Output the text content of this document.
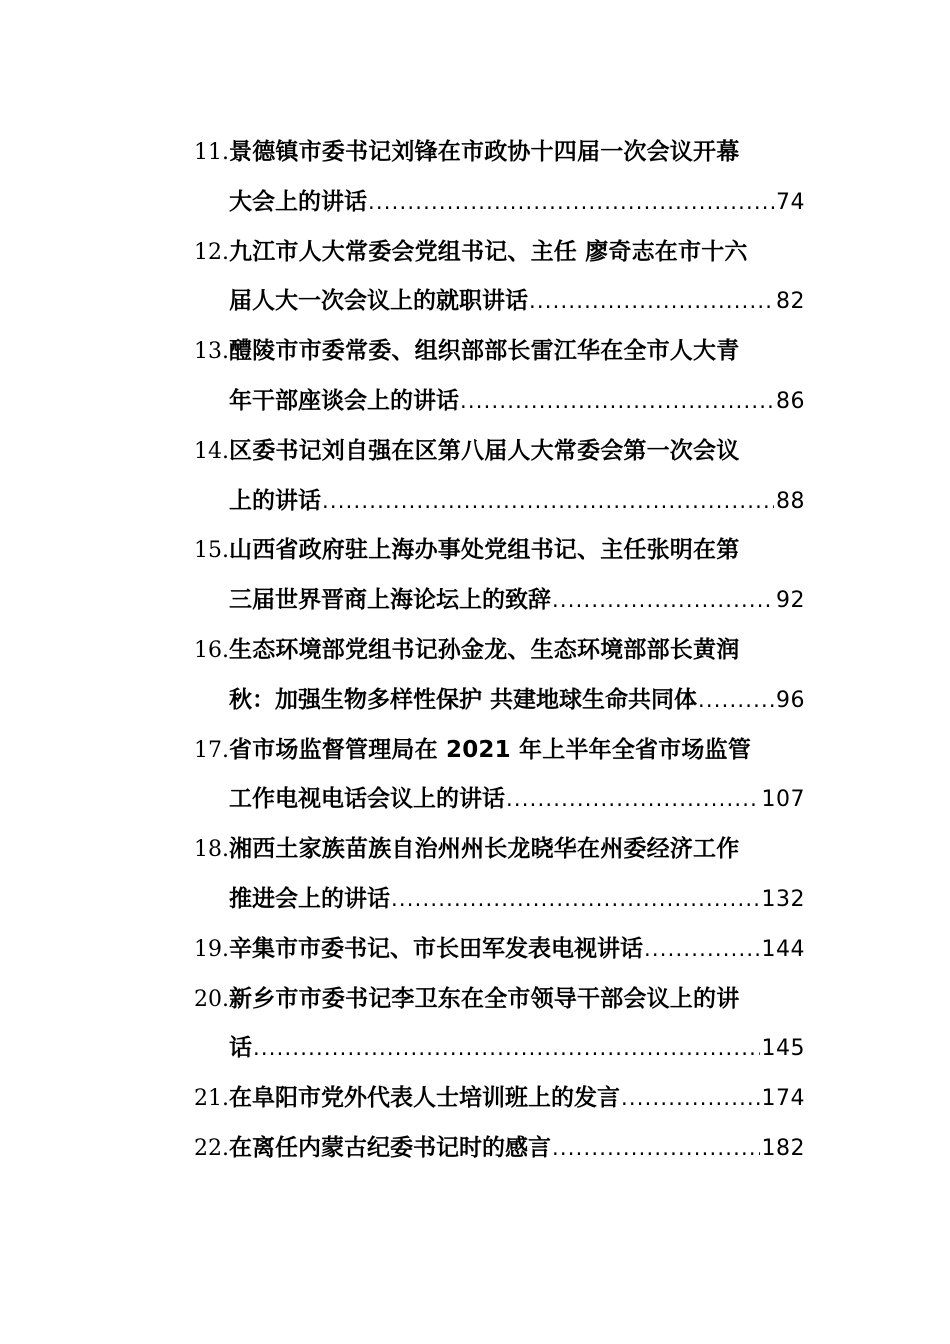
11. 景德镇市委书记刘锋在市政协十四届一次会议开幕
大会上的讲话 .....	74
12. 九江市人大常委会党组书记、主任 廖奇志在市十六
届人大一次会议上的就职讲话 .....	82
13. 醴陵市市委常委、组织部部长雷江华在全市人大青
年干部座谈会上的讲话 .....	86
14. 区委书记刘自强在区第八届人大常委会第一次会议
上的讲话 .....	88
15. 山西省政府驻上海办事处党组书记、主任张明在第
三届世界晋商上海论坛上的致辞 .....	92
16. 生态环境部党组书记孙金龙、生态环境部部长黄润
秋：加强生物多样性保护 共建地球生命共同体 .....	96
17. 省市场监督管理局在 2021 年上半年全省市场监管
工作电视电话会议上的讲话 .....	107
18. 湘西土家族苗族自治州州长龙晓华在州委经济工作
推进会上的讲话 .....	132
19. 辛集市市委书记、市长田军发表电视讲话 .....	144
20. 新乡市市委书记李卫东在全市领导干部会议上的讲
话 .....	145
21. 在阜阳市党外代表人士培训班上的发言 .....	174
22. 在离任内蒙古纪委书记时的感言 .....	182
